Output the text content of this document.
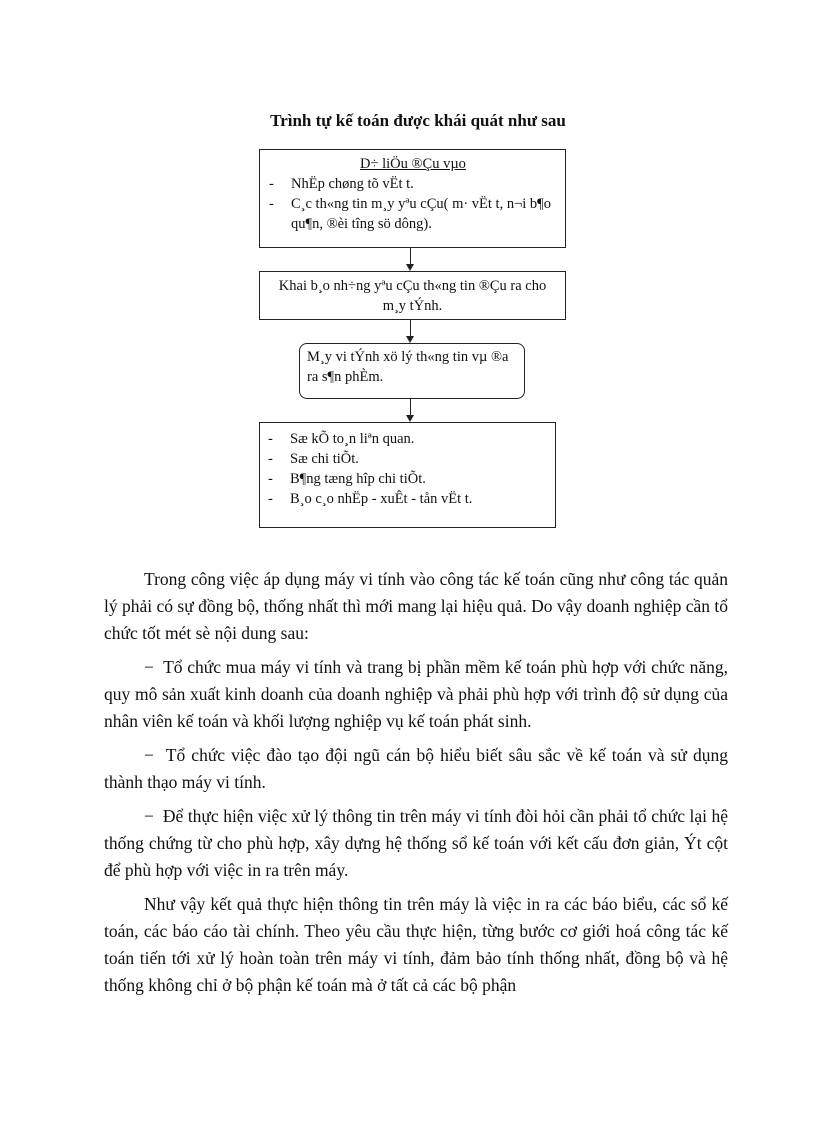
Trình tự kế toán được khái quát như sau

D÷ liÖu ®Çu vµo

- NhËp chøng tõ vËt t.

- C¸c th«ng tin m¸y yªu cÇu( m· vËt t, n¬i b¶o qu¶n, ®èi tîng sö dông).

Khai b¸o nh÷ng yªu cÇu th«ng tin ®Çu ra cho m¸y tÝnh.

M¸y vi tÝnh xö lý th«ng tin vµ ®a ra s¶n phÈm.

- Sæ kÕ to¸n liªn quan.

- Sæ chi tiÕt.

- B¶ng tæng hîp chi tiÕt.

- B¸o c¸o nhËp - xuÊt - tån vËt t.

Trong công việc áp dụng máy vi tính vào công tác kế toán cũng như công tác quản lý phải có sự đồng bộ, thống nhất thì mới mang lại hiệu quả. Do vậy doanh nghiệp cần tổ chức tốt mét sè nội dung sau:

− Tổ chức mua máy vi tính và trang bị phần mềm kế toán phù hợp với chức năng, quy mô sản xuất kinh doanh của doanh nghiệp và phải phù hợp với trình độ sử dụng của nhân viên kế toán và khối lượng nghiệp vụ kế toán phát sinh.

− Tổ chức việc đào tạo đội ngũ cán bộ hiểu biết sâu sắc về kế toán và sử dụng thành thạo máy vi tính.

− Để thực hiện việc xử lý thông tin trên máy vi tính đòi hỏi cần phải tổ chức lại hệ thống chứng từ cho phù hợp, xây dựng hệ thống sổ kế toán với kết cấu đơn giản, Ýt cột để phù hợp với việc in ra trên máy.

Như vậy kết quả thực hiện thông tin trên máy là việc in ra các báo biểu, các sổ kế toán, các báo cáo tài chính. Theo yêu cầu thực hiện, từng bước cơ giới hoá công tác kế toán tiến tới xử lý hoàn toàn trên máy vi tính, đảm bảo tính thống nhất, đồng bộ và hệ thống không chỉ ở bộ phận kế toán mà ở tất cả các bộ phận
